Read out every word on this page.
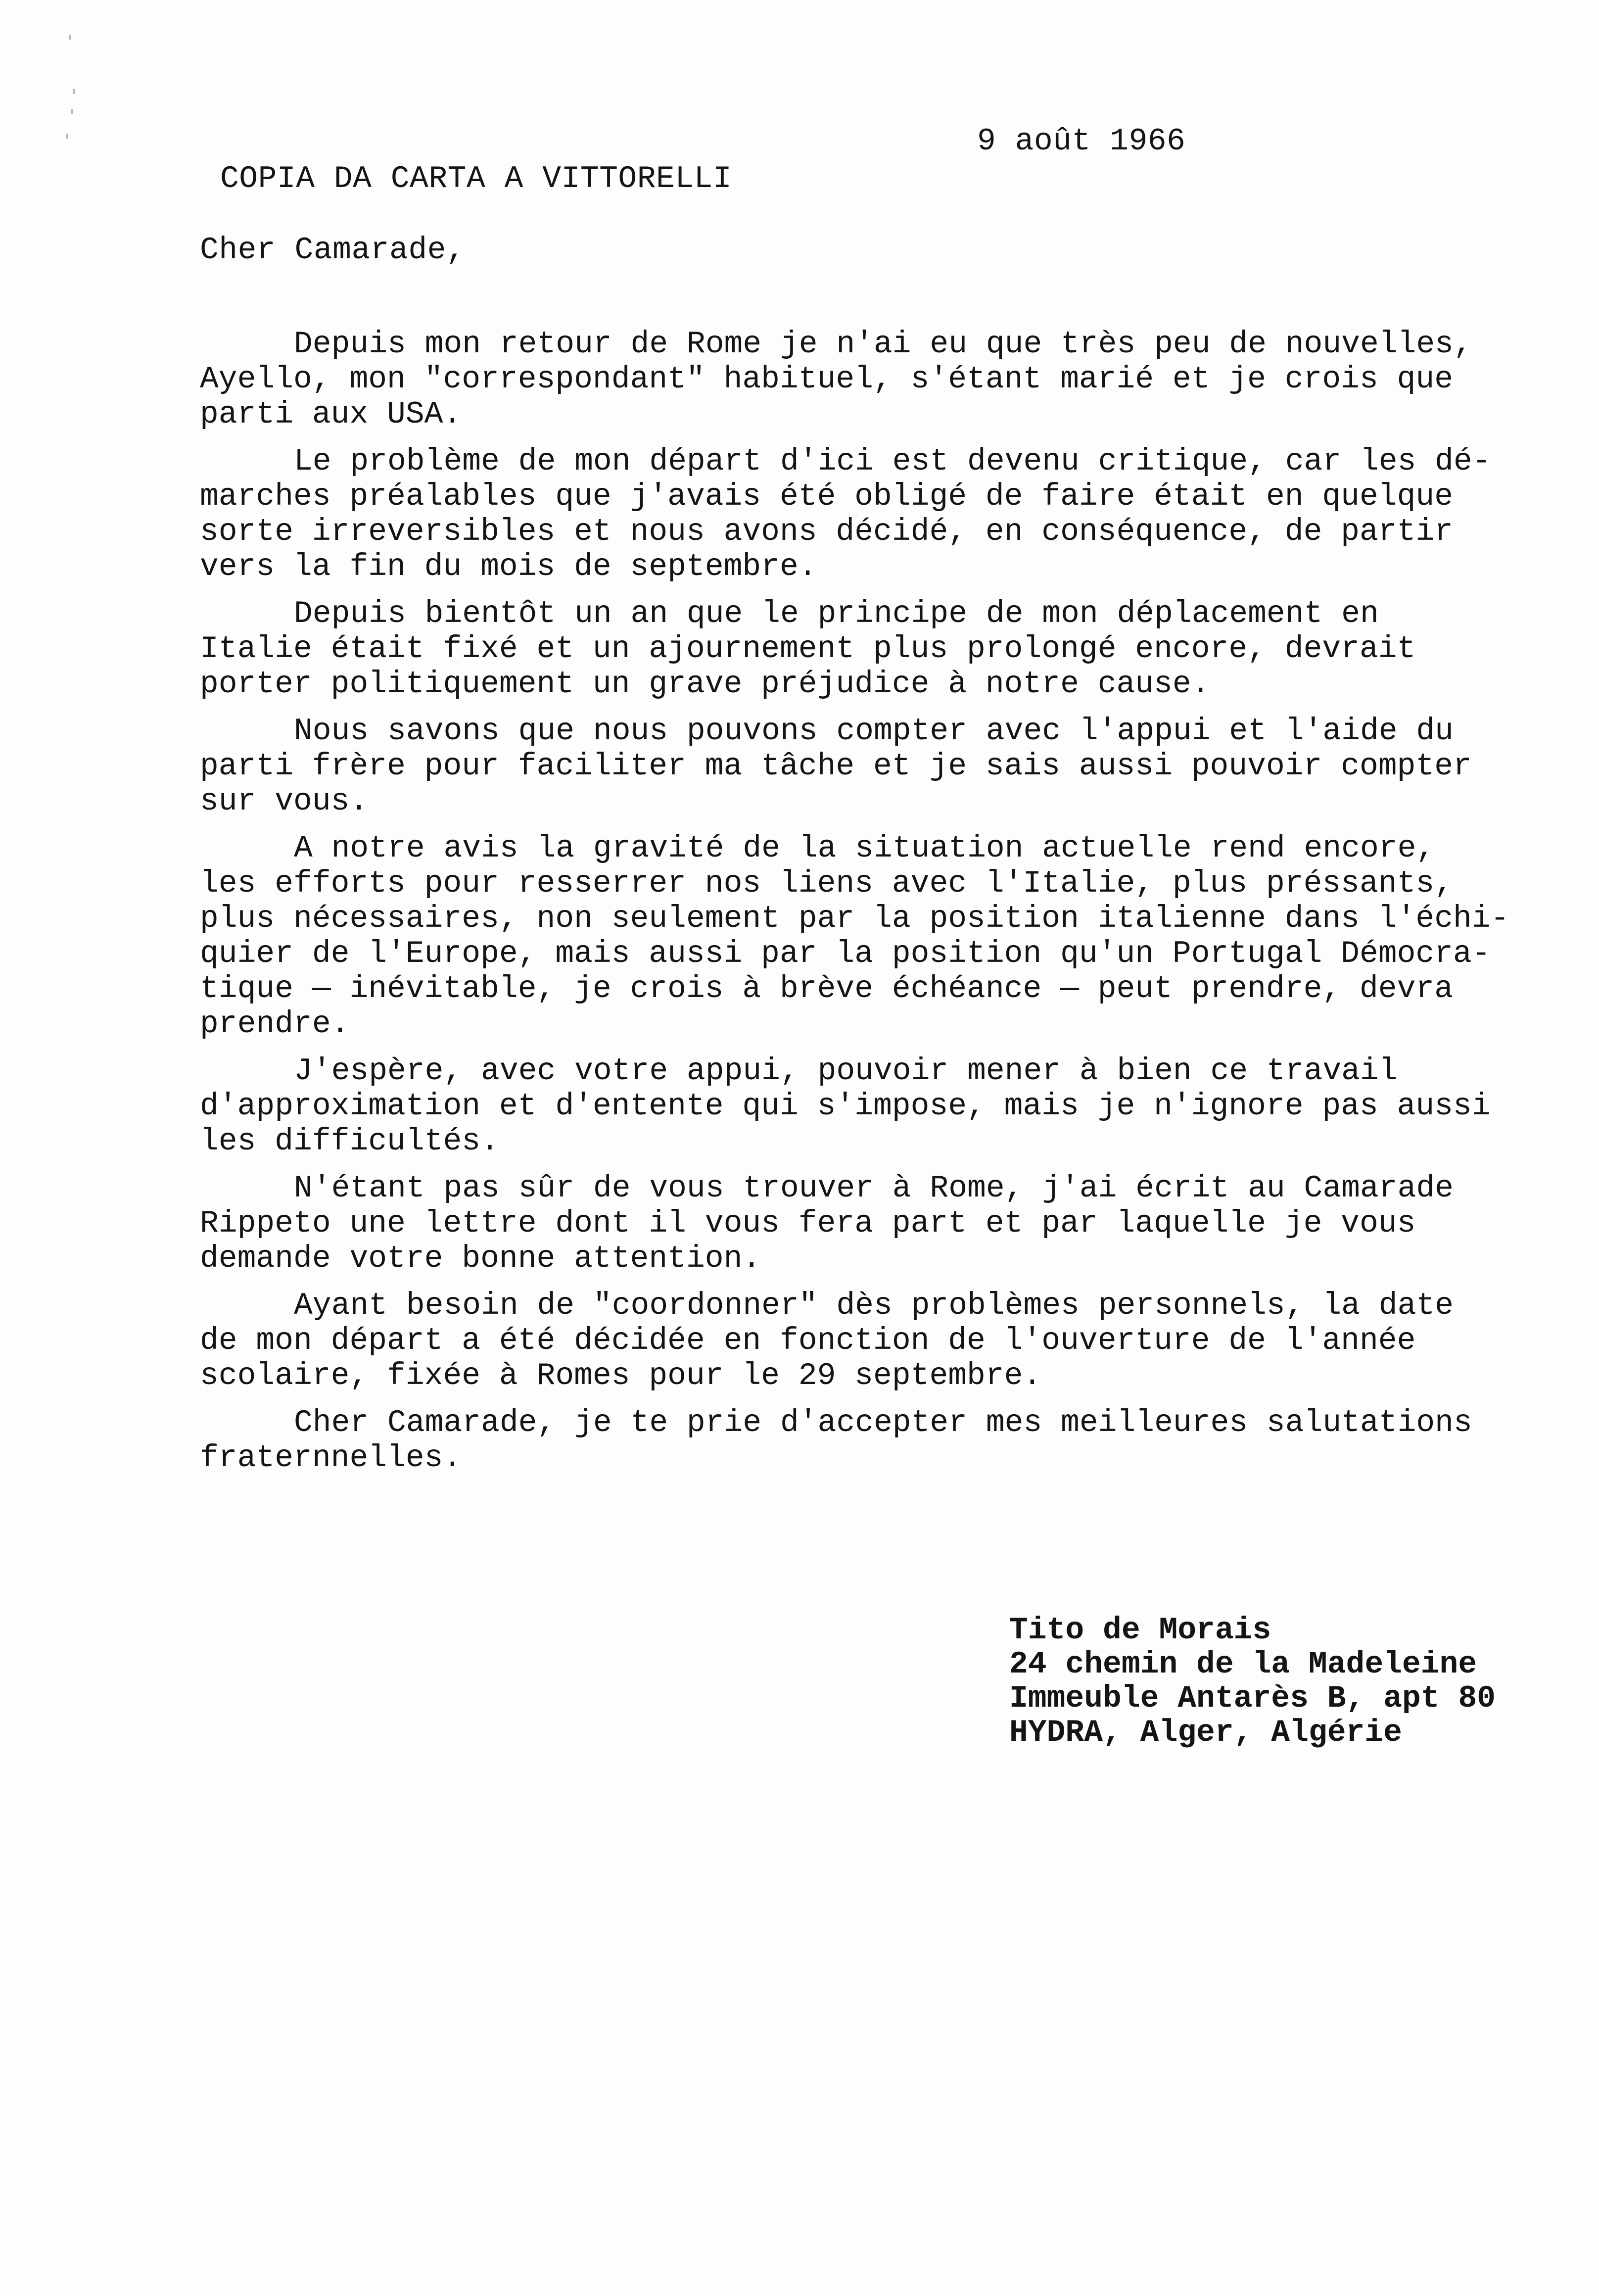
9 août 1966
COPIA DA CARTA A VITTORELLI
Cher Camarade,
Depuis mon retour de Rome je n'ai eu que très peu de nouvelles,
Ayello, mon "correspondant" habituel, s'étant marié et je crois que
parti aux USA.
Le problème de mon départ d'ici est devenu critique, car les dé-
marches préalables que j'avais été obligé de faire était en quelque
sorte irreversibles et nous avons décidé, en conséquence, de partir
vers la fin du mois de septembre.
Depuis bientôt un an que le principe de mon déplacement en
Italie était fixé et un ajournement plus prolongé encore, devrait
porter politiquement un grave préjudice à notre cause.
Nous savons que nous pouvons compter avec l'appui et l'aide du
parti frère pour faciliter ma tâche et je sais aussi pouvoir compter
sur vous.
A notre avis la gravité de la situation actuelle rend encore,
les efforts pour resserrer nos liens avec l'Italie, plus préssants,
plus nécessaires, non seulement par la position italienne dans l'échi-
quier de l'Europe, mais aussi par la position qu'un Portugal Démocra-
tique — inévitable, je crois à brève échéance — peut prendre, devra
prendre.
J'espère, avec votre appui, pouvoir mener à bien ce travail
d'approximation et d'entente qui s'impose, mais je n'ignore pas aussi
les difficultés.
N'étant pas sûr de vous trouver à Rome, j'ai écrit au Camarade
Rippeto une lettre dont il vous fera part et par laquelle je vous
demande votre bonne attention.
Ayant besoin de "coordonner" dès problèmes personnels, la date
de mon départ a été décidée en fonction de l'ouverture de l'année
scolaire, fixée à Romes pour le 29 septembre.
Cher Camarade, je te prie d'accepter mes meilleures salutations
fraternnelles.
Tito de Morais
24 chemin de la Madeleine
Immeuble Antarès B, apt 80
HYDRA, Alger, Algérie
